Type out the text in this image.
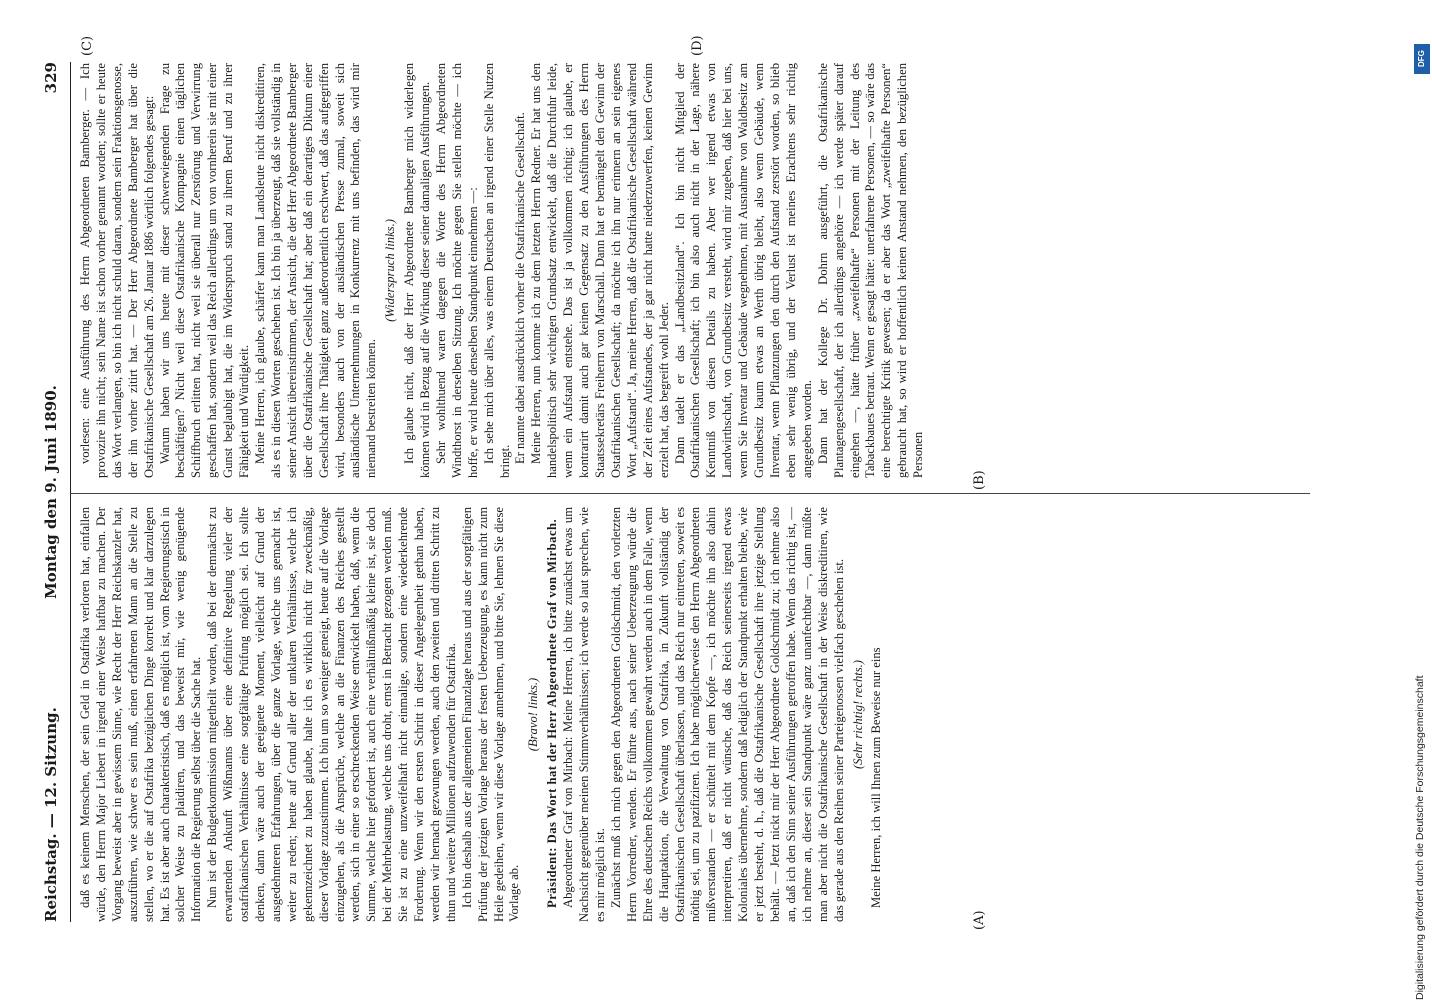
Reichstag. — 12. Sitzung.
Montag den 9. Juni 1890.
329
(A)
(B)
(C)	(D)

daß es keinem Menschen, der sein Geld in Ostafrika verloren hat, einfallen würde, den Herrn Major Liebert in irgend einer Weise haftbar zu machen. Der Vorgang beweist aber in gewissem Sinne, wie Recht der Herr Reichskanzler hat, auszuführen, wie schwer es sein muß, einen erfahrenen Mann an die Stelle zu stellen, wo er die auf Ostafrika bezüglichen Dinge korrekt und klar darzulegen hat. Es ist aber auch charakteristisch, daß es möglich ist, vom Regierungstisch in solcher Weise zu plaidiren, und das beweist mir, wie wenig genügende Information die Regierung selbst über die Sache hat. Nun ist der Budgetkommission mitgetheilt worden, daß bei der demnächst zu erwartenden Ankunft Wißmanns über eine definitive Regelung vieler der ostafrikanischen Verhältnisse eine sorgfältige Prüfung möglich sei. Ich sollte denken, dann wäre auch der geeignete Moment, vielleicht auf Grund der ausgedehnteren Erfahrungen, über die ganze Vorlage, welche uns gemacht ist, weiter zu reden; heute auf Grund aller der unklaren Verhältnisse, welche ich gekennzeichnet zu haben glaube, halte ich es wirklich nicht für zweckmäßig, dieser Vorlage zuzustimmen. Ich bin um so weniger geneigt, heute auf die Vorlage einzugehen, als die Ansprüche, welche an die Finanzen des Reiches gestellt werden, sich in einer so erschreckenden Weise entwickelt haben, daß, wenn die Summe, welche hier gefordert ist, auch eine verhältnißmäßig kleine ist, sie doch bei der Mehrbelastung, welche uns droht, ernst in Betracht gezogen werden muß. Sie ist zu eine unzweifelhaft nicht einmalige, sondern eine wiederkehrende Forderung. Wenn wir den ersten Schritt in dieser Angelegenheit gethan haben, werden wir hernach gezwungen werden, auch den zweiten und dritten Schritt zu thun und weitere Millionen aufzuwenden für Ostafrika. Ich bin deshalb aus der allgemeinen Finanzlage heraus und aus der sorgfältigen Prüfung der jetzigen Vorlage heraus der festen Ueberzeugung, es kann nicht zum Heile gedeihen, wenn wir diese Vorlage annehmen, und bitte Sie, lehnen Sie diese Vorlage ab.

(Bravo! links.) Präsident: Das Wort hat der Herr Abgeordnete Graf von Mirbach. Abgeordneter Graf von Mirbach: Meine Herren, ich bitte zunächst etwas um Nachsicht gegenüber meinen Stimmverhältnissen; ich werde so laut sprechen, wie es mir möglich ist. Zunächst muß ich mich gegen den Abgeordneten Goldschmidt, den vorletzten Herrn Vorredner, wenden. Er führte aus, nach seiner Ueberzeugung würde die Ehre des deutschen Reichs vollkommen gewahrt werden auch in dem Falle, wenn die Hauptaktion, die Verwaltung von Ostafrika, in Zukunft vollständig der Ostafrikanischen Gesellschaft überlassen, und das Reich nur eintreten, soweit es nöthig sei, um zu pazifiziren. Ich habe möglicherweise den Herrn Abgeordneten mißverstanden — er schüttelt mit dem Kopfe —, ich möchte ihn also dahin interpretiren, daß er nicht wünsche, daß das Reich seinerseits irgend etwas Koloniales übernehme, sondern daß lediglich der Standpunkt erhalten bleibe, wie er jetzt besteht, d. h., daß die Ostafrikanische Gesellschaft ihre jetzige Stellung behält. — Jetzt nickt mir der Herr Abgeordnete Goldschmidt zu; ich nehme also an, daß ich den Sinn seiner Ausführungen getroffen habe. Wenn das richtig ist, — ich nehme an, dieser sein Standpunkt wäre ganz unanfechtbar —, dann müßte man aber nicht die Ostafrikanische Gesellschaft in der Weise diskreditiren, wie das gerade aus den Reihen seiner Parteigenossen vielfach geschehen ist. (Sehr richtig! rechts.) Meine Herren, ich will Ihnen zum Beweise nur eins

vorlesen: eine Ausführung des Herrn Abgeordneten Bamberger. — Ich provozire ihn nicht; sein Name ist schon vorher genannt worden; sollte er heute das Wort verlangen, so bin ich nicht schuld daran, sondern sein Fraktionsgenosse, der ihn vorher zitirt hat. — Der Herr Abgeordnete Bamberger hat über die Ostafrikanische Gesellschaft am 26. Januar 1886 wörtlich folgendes gesagt: Warum haben wir uns heute mit dieser schwerwiegenden Frage zu beschäftigen? Nicht weil diese Ostafrikanische Kompagnie einen täglichen Schiffbruch erlitten hat, nicht weil sie überall nur Zerstörung und Verwirrung geschaffen hat, sondern weil das Reich allerdings um von vornherein sie mit einer Gunst beglaubigt hat, die im Widerspruch stand zu ihrem Beruf und zu ihrer Fähigkeit und Würdigkeit. Meine Herren, ich glaube, schärfer kann man Landsleute nicht diskreditiren, als es in diesen Worten geschehen ist. Ich bin ja überzeugt, daß sie vollständig in seiner Ansicht übereinstimmen, der Ansicht, die der Herr Abgeordnete Bamberger über die Ostafrikanische Gesellschaft hat; aber daß ein derartiges Diktum einer Gesellschaft ihre Thätigkeit ganz außerordentlich erschwert, daß das aufgegriffen wird, besonders auch von der ausländischen Presse zumal, soweit sich ausländische Unternehmungen in Konkurrenz mit uns befinden, das wird mir niemand bestreiten können.

(Widerspruch links.) Ich glaube nicht, daß der Herr Abgeordnete Bamberger mich widerlegen können wird in Bezug auf die Wirkung dieser seiner damaligen Ausführungen. Sehr wohlthuend waren dagegen die Worte des Herrn Abgeordneten Windthorst in derselben Sitzung. Ich möchte gegen Sie stellen möchte — ich hoffe, er wird heute denselben Standpunkt einnehmen —: Ich sehe mich über alles, was einem Deutschen an irgend einer Stelle Nutzen bringt. Er nannte dabei ausdrücklich vorher die Ostafrikanische Gesellschaft. Meine Herren, nun komme ich zu dem letzten Herrn Redner. Er hat uns den handelspolitisch sehr wichtigen Grundsatz entwickelt, daß die Durchfuhr leide, wenn ein Aufstand entstehe. Das ist ja vollkommen richtig; ich glaube, er kontrarirt damit auch gar keinen Gegensatz zu den Ausführungen des Herrn Staatssekretärs Freiherrn von Marschall. Dann hat er bemängelt den Gewinn der Ostafrikanischen Gesellschaft; da möchte ich ihn nur erinnern an sein eigenes Wort „Aufstand“. Ja, meine Herren, daß die Ostafrikanische Gesellschaft während der Zeit eines Aufstandes, der ja gar nicht hatte niederzuwerfen, keinen Gewinn erzielt hat, das begreift wohl Jeder. Dann tadelt er das „Landbesitzland“. Ich bin nicht Mitglied der Ostafrikanischen Gesellschaft; ich bin also auch nicht in der Lage, nähere Kenntniß von diesen Details zu haben. Aber wer irgend etwas von Landwirthschaft, von Grundbesitz versteht, wird mir zugeben, daß hier bei uns, wenn Sie Inventar und Gebäude wegnehmen, mit Ausnahme von Waldbesitz am Grundbesitz kaum etwas an Werth übrig bleibt, also wenn Gebäude, wenn Inventar, wenn Pflanzungen den durch den Aufstand zerstört worden, so blieb eben sehr wenig übrig, und der Verlust ist meines Erachtens sehr richtig angegeben worden. Dann hat der Kollege Dr. Dohrn ausgeführt, die Ostafrikanische Plantagengesellschaft, der ich allerdings angehöre — ich werde später darauf eingehen —, hätte früher „zweifelhafte“ Personen mit der Leitung des Tabackbaues betraut. Wenn er gesagt hätte: unerfahrene Personen, — so wäre das eine berechtigte Kritik gewesen; da er aber das Wort „zweifelhafte Personen“ gebraucht hat, so wird er hoffentlich keinen Anstand nehmen, den bezüglichen Personen

DFG
Digitalisierung gefördert durch die Deutsche Forschungsgemeinschaft
